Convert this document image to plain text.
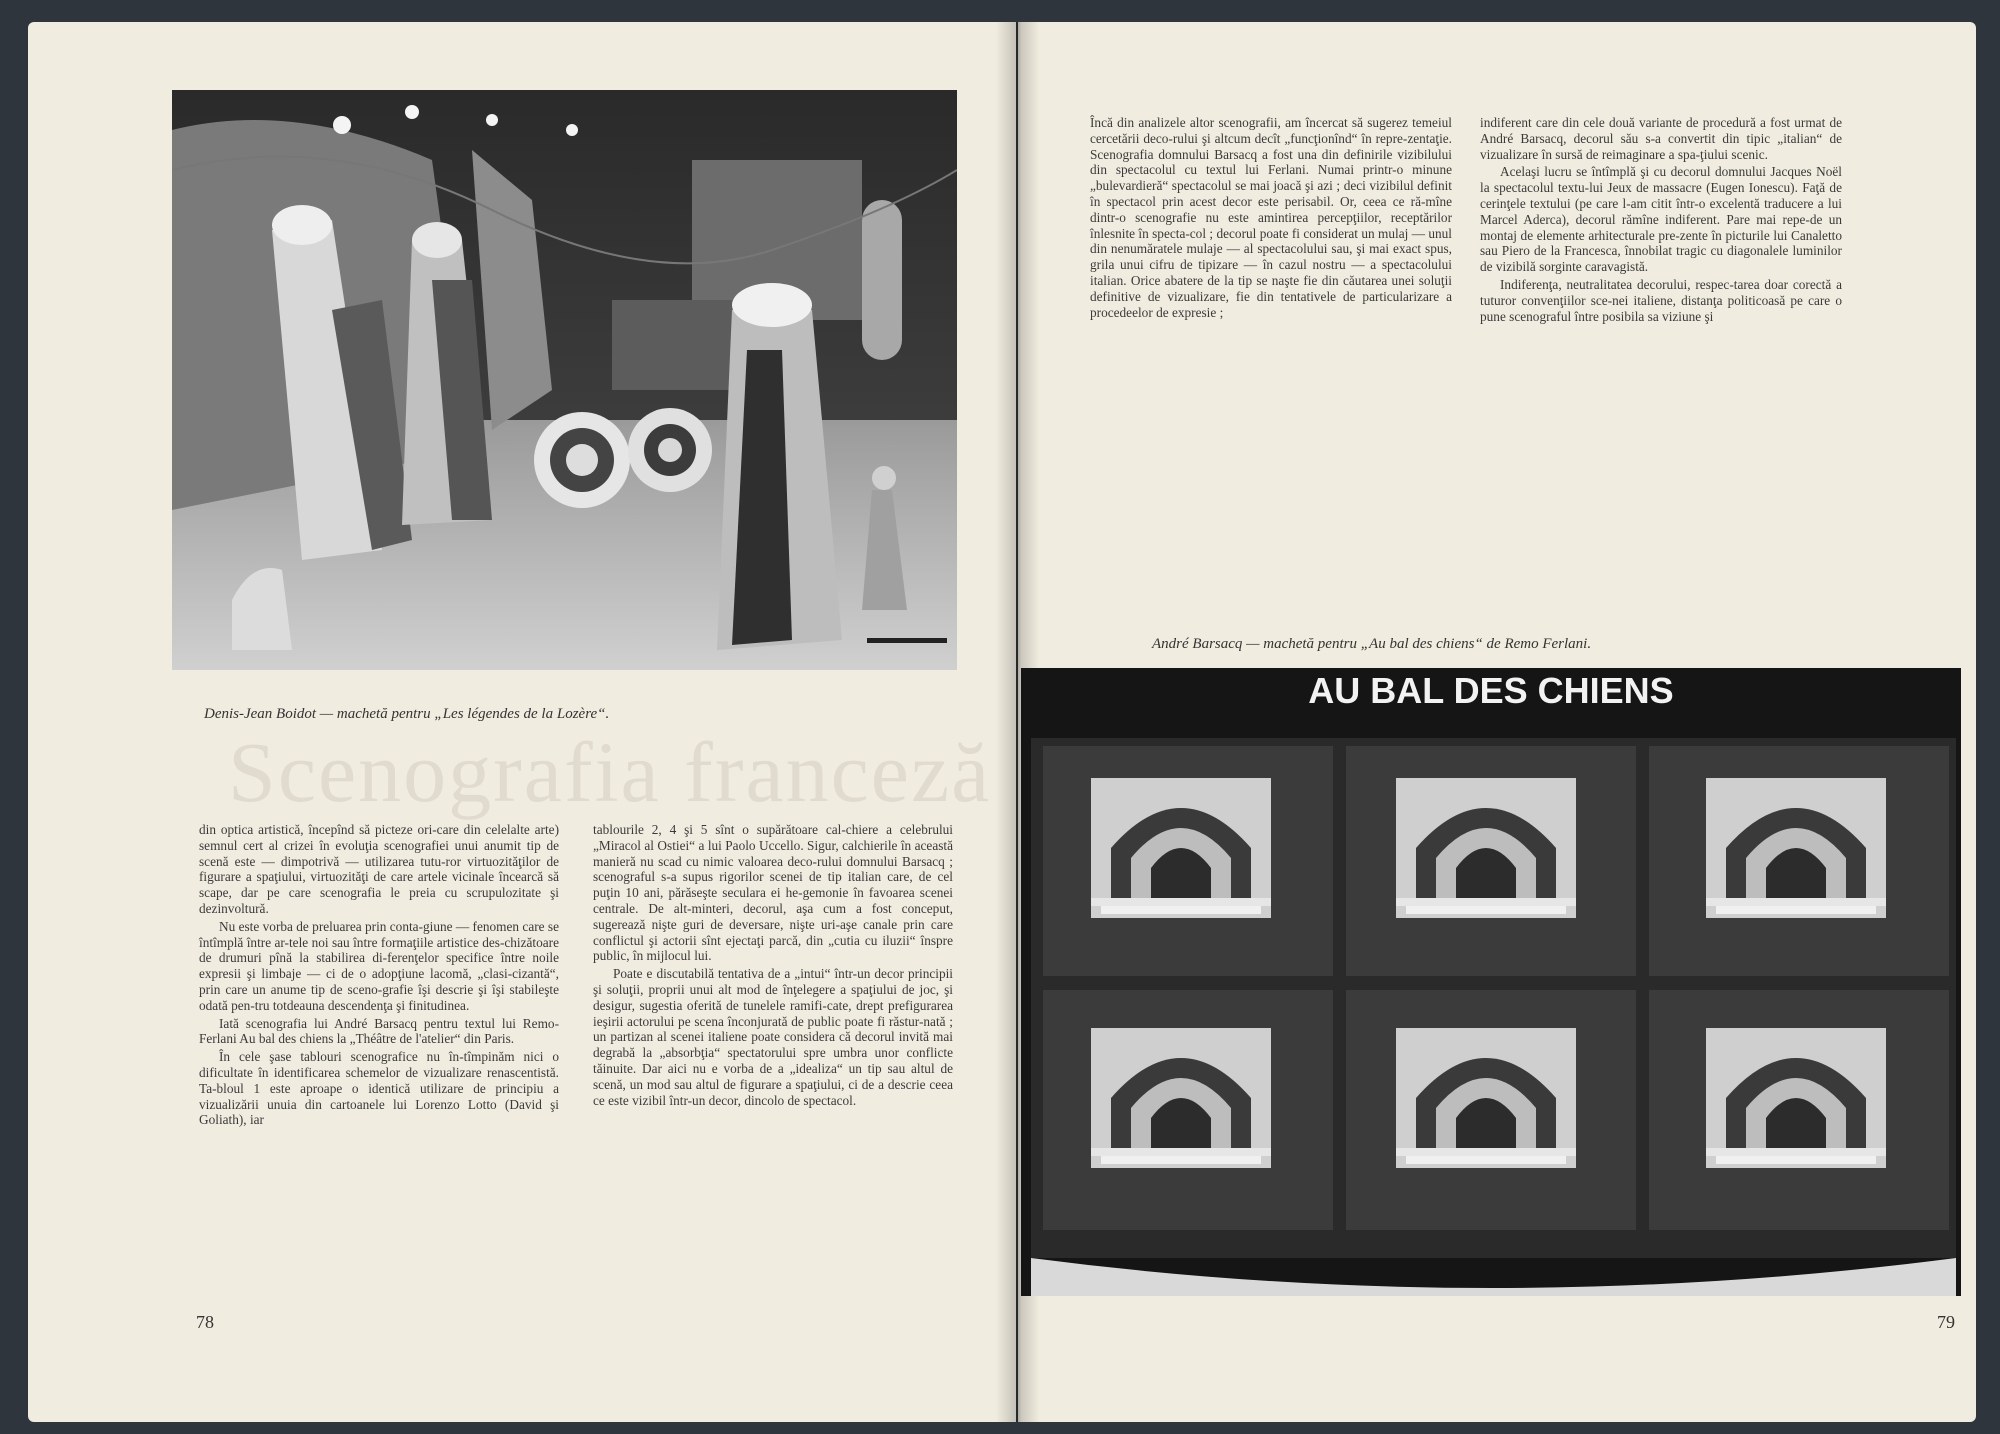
Scenografia franceză
Denis-Jean Boidot — machetă pentru „Les légendes de la Lozère“.

din optica artistică, începînd să picteze ori-care din celelalte arte) semnul cert al crizei în evoluţia scenografiei unui anumit tip de scenă este — dimpotrivă — utilizarea tutu-ror virtuozităţilor de figurare a spaţiului, virtuozităţi de care artele vicinale încearcă să scape, dar pe care scenografia le preia cu scrupulozitate şi dezinvoltură.

Nu este vorba de preluarea prin conta-giune — fenomen care se întîmplă între ar-tele noi sau între formaţiile artistice des-chizătoare de drumuri pînă la stabilirea di-ferenţelor specifice între noile expresii şi limbaje — ci de o adopţiune lacomă, „clasi-cizantă“, prin care un anume tip de sceno-grafie îşi descrie şi îşi stabileşte odată pen-tru totdeauna descendenţa şi finitudinea.

Iată scenografia lui André Barsacq pentru textul lui Remo-Ferlani Au bal des chiens la „Théâtre de l'atelier“ din Paris.

În cele şase tablouri scenografice nu în-tîmpinăm nici o dificultate în identificarea schemelor de vizualizare renascentistă. Ta-bloul 1 este aproape o identică utilizare de principiu a vizualizării unuia din cartoanele lui Lorenzo Lotto (David şi Goliath), iar

tablourile 2, 4 şi 5 sînt o supărătoare cal-chiere a celebrului „Miracol al Ostiei“ a lui Paolo Uccello. Sigur, calchierile în această manieră nu scad cu nimic valoarea deco-rului domnului Barsacq ; scenograful s-a supus rigorilor scenei de tip italian care, de cel puţin 10 ani, părăseşte seculara ei he-gemonie în favoarea scenei centrale. De alt-minteri, decorul, aşa cum a fost conceput, sugerează nişte guri de deversare, nişte uri-aşe canale prin care conflictul şi actorii sînt ejectaţi parcă, din „cutia cu iluzii“ înspre public, în mijlocul lui.

Poate e discutabilă tentativa de a „intui“ într-un decor principii şi soluţii, proprii unui alt mod de înţelegere a spaţiului de joc, şi desigur, sugestia oferită de tunelele ramifi-cate, drept prefigurarea ieşirii actorului pe scena înconjurată de public poate fi răstur-nată ; un partizan al scenei italiene poate considera că decorul invită mai degrabă la „absorbţia“ spectatorului spre umbra unor conflicte tăinuite. Dar aici nu e vorba de a „idealiza“ un tip sau altul de scenă, un mod sau altul de figurare a spaţiului, ci de a descrie ceea ce este vizibil într-un decor, dincolo de spectacol.

78

Încă din analizele altor scenografii, am încercat să sugerez temeiul cercetării deco-rului şi altcum decît „funcţionînd“ în repre-zentaţie. Scenografia domnului Barsacq a fost una din definirile vizibilului din spectacolul cu textul lui Ferlani. Numai printr-o minune „bulevardieră“ spectacolul se mai joacă şi azi ; deci vizibilul definit în spectacol prin acest decor este perisabil. Or, ceea ce ră-mîne dintr-o scenografie nu este amintirea percepţiilor, receptărilor înlesnite în specta-col ; decorul poate fi considerat un mulaj — unul din nenumăratele mulaje — al spectacolului sau, şi mai exact spus, grila unui cifru de tipizare — în cazul nostru — a spectacolului italian. Orice abatere de la tip se naşte fie din căutarea unei soluţii definitive de vizualizare, fie din tentativele de particularizare a procedeelor de expresie ;

indiferent care din cele două variante de procedură a fost urmat de André Barsacq, decorul său s-a convertit din tipic „italian“ de vizualizare în sursă de reimaginare a spa-ţiului scenic.

Acelaşi lucru se întîmplă şi cu decorul domnului Jacques Noël la spectacolul textu-lui Jeux de massacre (Eugen Ionescu). Faţă de cerinţele textului (pe care l-am citit într-o excelentă traducere a lui Marcel Aderca), decorul rămîne indiferent. Pare mai repe-de un montaj de elemente arhitecturale pre-zente în picturile lui Canaletto sau Piero de la Francesca, înnobilat tragic cu diagonalele luminilor de vizibilă sorginte caravagistă.

Indiferenţa, neutralitatea decorului, respec-tarea doar corectă a tuturor convenţiilor sce-nei italiene, distanţa politicoasă pe care o pune scenograful între posibila sa viziune şi

André Barsacq — machetă pentru „Au bal des chiens“ de Remo Ferlani.
AU BAL DES CHIENS
79
